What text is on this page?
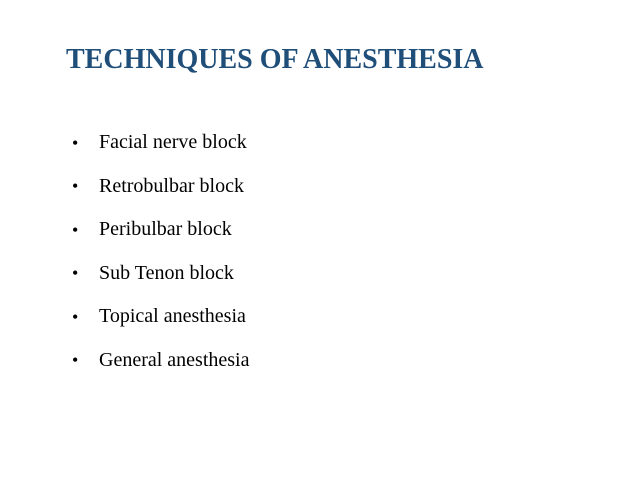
TECHNIQUES OF ANESTHESIA
•	Facial nerve block
•	Retrobulbar block
•	Peribulbar block
•	Sub Tenon block
•	Topical anesthesia
•	General anesthesia
